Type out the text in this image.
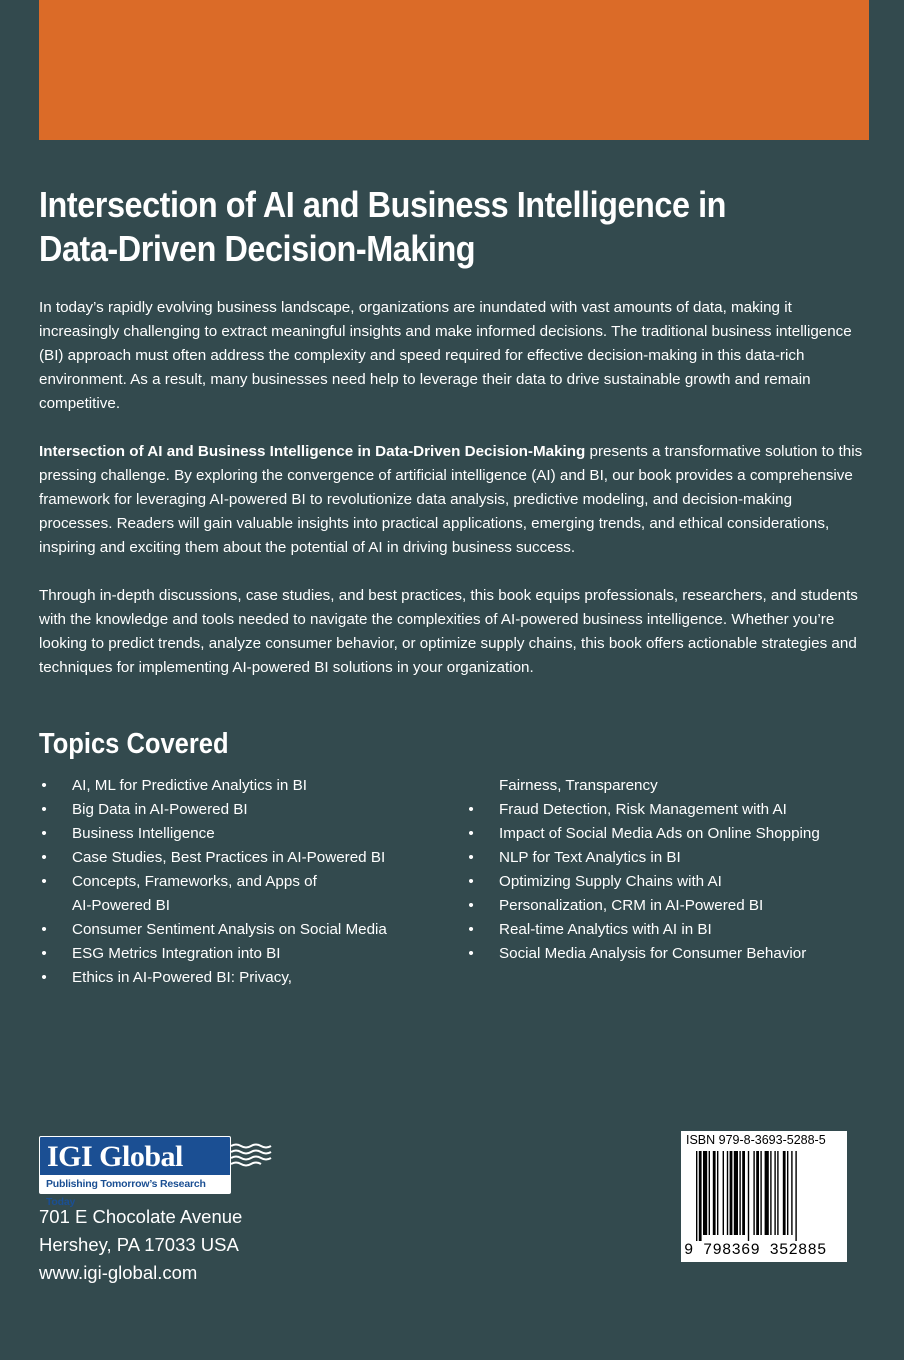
Intersection of AI and Business Intelligence in
Data-Driven Decision-Making

In today’s rapidly evolving business landscape, organizations are inundated with vast amounts of data, making it increasingly challenging to extract meaningful insights and make informed decisions. The traditional business intelligence (BI) approach must often address the complexity and speed required for effective decision-making in this data-rich environment. As a result, many businesses need help to leverage their data to drive sustainable growth and remain competitive.

Intersection of AI and Business Intelligence in Data-Driven Decision-Making presents a transformative solution to this pressing challenge. By exploring the convergence of artificial intelligence (AI) and BI, our book provides a comprehensive framework for leveraging AI-powered BI to revolutionize data analysis, predictive modeling, and decision-making processes. Readers will gain valuable insights into practical applications, emerging trends, and ethical considerations, inspiring and exciting them about the potential of AI in driving business success.

Through in-depth discussions, case studies, and best practices, this book equips professionals, researchers, and students with the knowledge and tools needed to navigate the complexities of AI-powered business intelligence. Whether you’re looking to predict trends, analyze consumer behavior, or optimize supply chains, this book offers actionable strategies and techniques for implementing AI-powered BI solutions in your organization.

Topics Covered
• AI, ML for Predictive Analytics in BI
• Big Data in AI-Powered BI
• Business Intelligence
• Case Studies, Best Practices in AI-Powered BI
• Concepts, Frameworks, and Apps of
AI-Powered BI
• Consumer Sentiment Analysis on Social Media
• ESG Metrics Integration into BI
• Ethics in AI-Powered BI: Privacy,
Fairness, Transparency
• Fraud Detection, Risk Management with AI
• Impact of Social Media Ads on Online Shopping
• NLP for Text Analytics in BI
• Optimizing Supply Chains with AI
• Personalization, CRM in AI-Powered BI
• Real-time Analytics with AI in BI
• Social Media Analysis for Consumer Behavior
IGI Global
Publishing Tomorrow’s Research Today
701 E Chocolate Avenue
Hershey, PA 17033 USA
www.igi-global.com
ISBN 979-8-3693-5288-5
9 798369 352885
